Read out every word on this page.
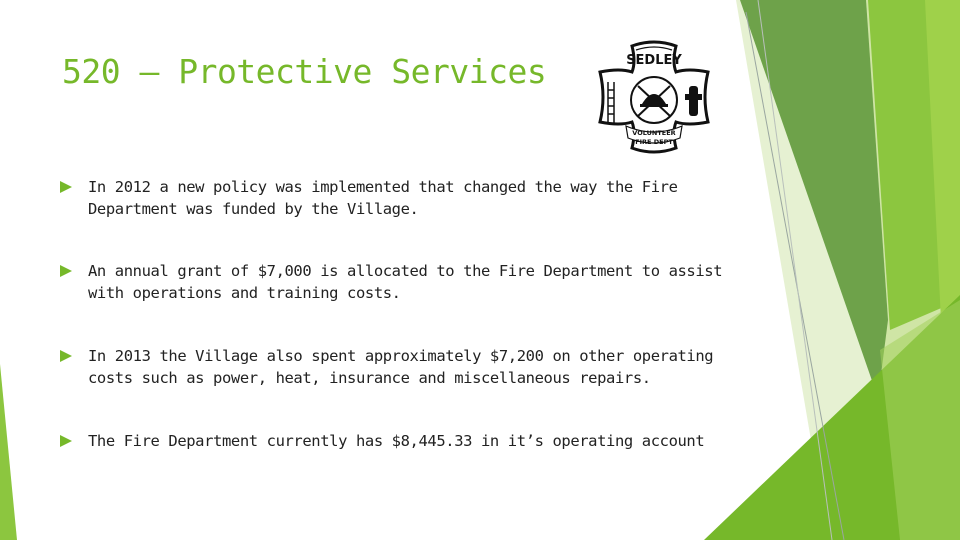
520 – Protective Services	SEDLEY
VOLUNTEER
FIRE DEPT
In 2012 a new policy was implemented that changed the way the Fire Department was funded by the Village.
An annual grant of $7,000 is allocated to the Fire Department to assist with operations and training costs.
In 2013 the Village also spent approximately $7,200 on other operating costs such as power, heat, insurance and miscellaneous repairs.
The Fire Department currently has $8,445.33 in it’s operating account
